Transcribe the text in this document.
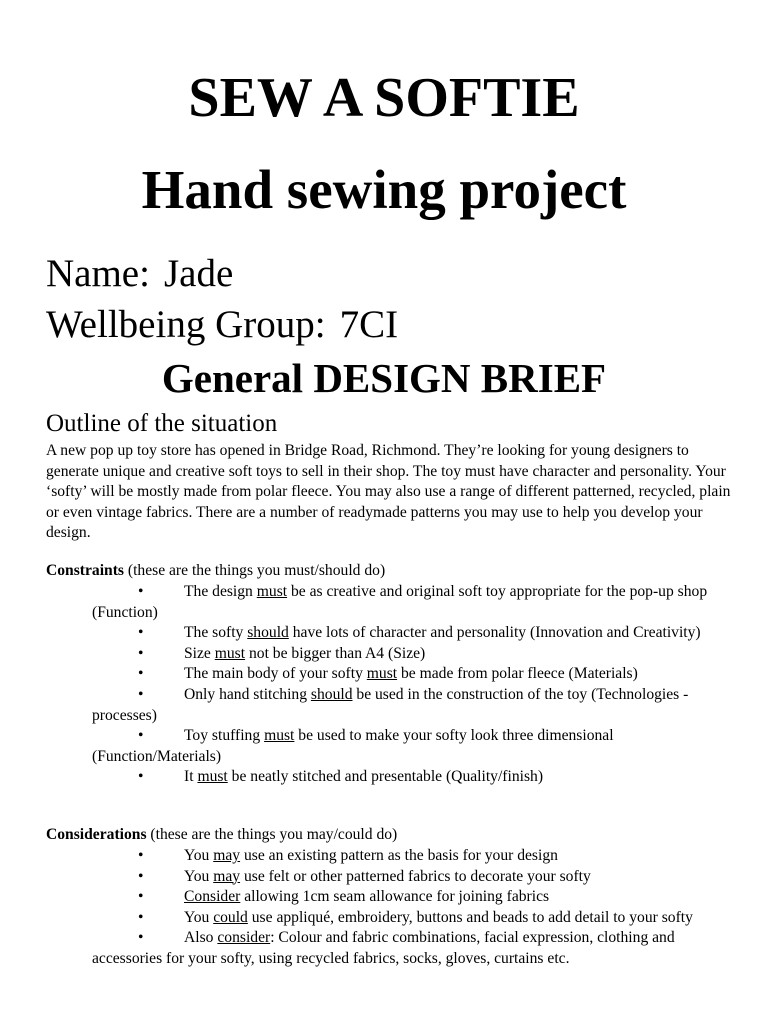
SEW A SOFTIE
Hand sewing project
Name: Jade
Wellbeing Group: 7CI
General DESIGN BRIEF
Outline of the situation
A new pop up toy store has opened in Bridge Road, Richmond. They’re looking for young designers to generate unique and creative soft toys to sell in their shop. The toy must have character and personality. Your ‘softy’ will be mostly made from polar fleece. You may also use a range of different patterned, recycled, plain or even vintage fabrics. There are a number of readymade patterns you may use to help you develop your design.
Constraints (these are the things you must/should do)
•	The design must be as creative and original soft toy appropriate for the pop-up shop (Function)
•	The softy should have lots of character and personality (Innovation and Creativity)
•	Size must not be bigger than A4 (Size)
•	The main body of your softy must be made from polar fleece (Materials)
•	Only hand stitching should be used in the construction of the toy (Technologies - processes)
•	Toy stuffing must be used to make your softy look three dimensional (Function/Materials)
•	It must be neatly stitched and presentable (Quality/finish)
Considerations (these are the things you may/could do)
•	You may use an existing pattern as the basis for your design
•	You may use felt or other patterned fabrics to decorate your softy
•	Consider allowing 1cm seam allowance for joining fabrics
•	You could use appliqué, embroidery, buttons and beads to add detail to your softy
•	Also consider: Colour and fabric combinations, facial expression, clothing and accessories for your softy, using recycled fabrics, socks, gloves, curtains etc.
